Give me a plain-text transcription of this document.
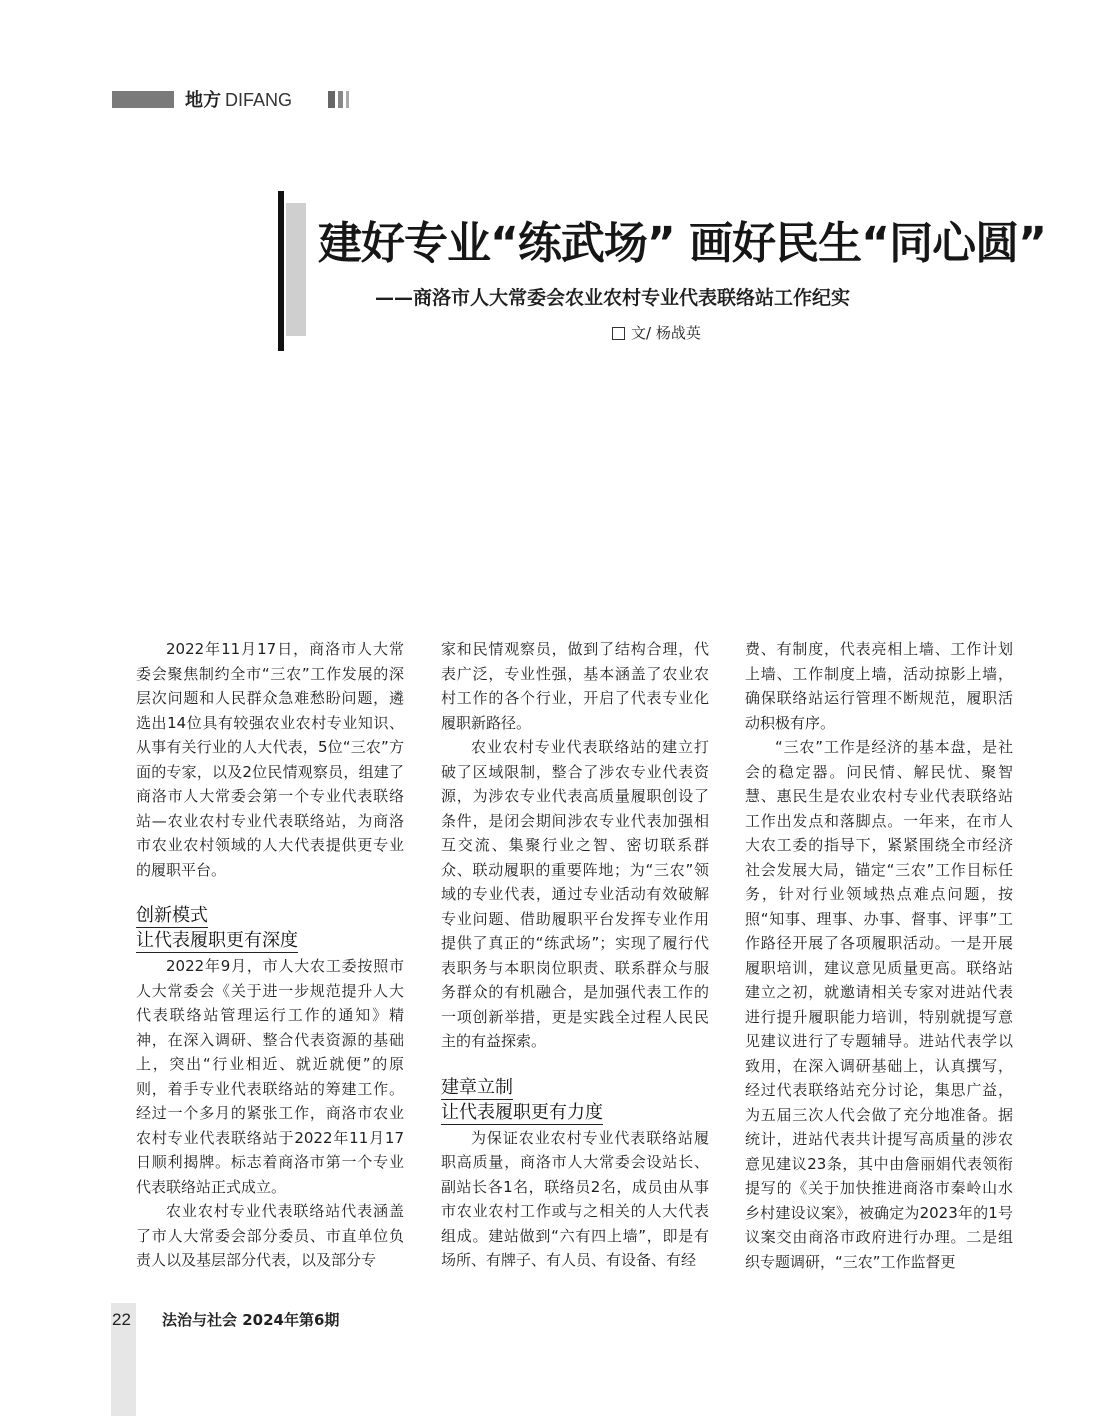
地方 DIFANG
建好专业“练武场” 画好民生“同心圆”
——商洛市人大常委会农业农村专业代表联络站工作纪实
文/ 杨战英

2022年11月17日，商洛市人大常委会聚焦制约全市“三农”工作发展的深层次问题和人民群众急难愁盼问题，遴选出14位具有较强农业农村专业知识、从事有关行业的人大代表，5位“三农”方面的专家，以及2位民情观察员，组建了商洛市人大常委会第一个专业代表联络站—农业农村专业代表联络站，为商洛市农业农村领域的人大代表提供更专业的履职平台。

创新模式
让代表履职更有深度

2022年9月，市人大农工委按照市人大常委会《关于进一步规范提升人大代表联络站管理运行工作的通知》精神，在深入调研、整合代表资源的基础上，突出“行业相近、就近就便”的原则，着手专业代表联络站的筹建工作。经过一个多月的紧张工作，商洛市农业农村专业代表联络站于2022年11月17日顺利揭牌。标志着商洛市第一个专业代表联络站正式成立。

农业农村专业代表联络站代表涵盖了市人大常委会部分委员、市直单位负责人以及基层部分代表，以及部分专

家和民情观察员，做到了结构合理，代表广泛，专业性强，基本涵盖了农业农村工作的各个行业，开启了代表专业化履职新路径。

农业农村专业代表联络站的建立打破了区域限制，整合了涉农专业代表资源，为涉农专业代表高质量履职创设了条件，是闭会期间涉农专业代表加强相互交流、集聚行业之智、密切联系群众、联动履职的重要阵地；为“三农”领域的专业代表，通过专业活动有效破解专业问题、借助履职平台发挥专业作用提供了真正的“练武场”；实现了履行代表职务与本职岗位职责、联系群众与服务群众的有机融合，是加强代表工作的一项创新举措，更是实践全过程人民民主的有益探索。

建章立制
让代表履职更有力度

为保证农业农村专业代表联络站履职高质量，商洛市人大常委会设站长、副站长各1名，联络员2名，成员由从事市农业农村工作或与之相关的人大代表组成。建站做到“六有四上墙”，即是有场所、有牌子、有人员、有设备、有经

费、有制度，代表亮相上墙、工作计划上墙、工作制度上墙，活动掠影上墙，确保联络站运行管理不断规范，履职活动积极有序。

“三农”工作是经济的基本盘，是社会的稳定器。问民情、解民忧、聚智慧、惠民生是农业农村专业代表联络站工作出发点和落脚点。一年来，在市人大农工委的指导下，紧紧围绕全市经济社会发展大局，锚定“三农”工作目标任务，针对行业领域热点难点问题，按照“知事、理事、办事、督事、评事”工作路径开展了各项履职活动。一是开展履职培训，建议意见质量更高。联络站建立之初，就邀请相关专家对进站代表进行提升履职能力培训，特别就提写意见建议进行了专题辅导。进站代表学以致用，在深入调研基础上，认真撰写，经过代表联络站充分讨论，集思广益，为五届三次人代会做了充分地准备。据统计，进站代表共计提写高质量的涉农意见建议23条，其中由詹丽娟代表领衔提写的《关于加快推进商洛市秦岭山水乡村建设议案》，被确定为2023年的1号议案交由商洛市政府进行办理。二是组织专题调研，“三农”工作监督更

22 法治与社会 2024年第6期
